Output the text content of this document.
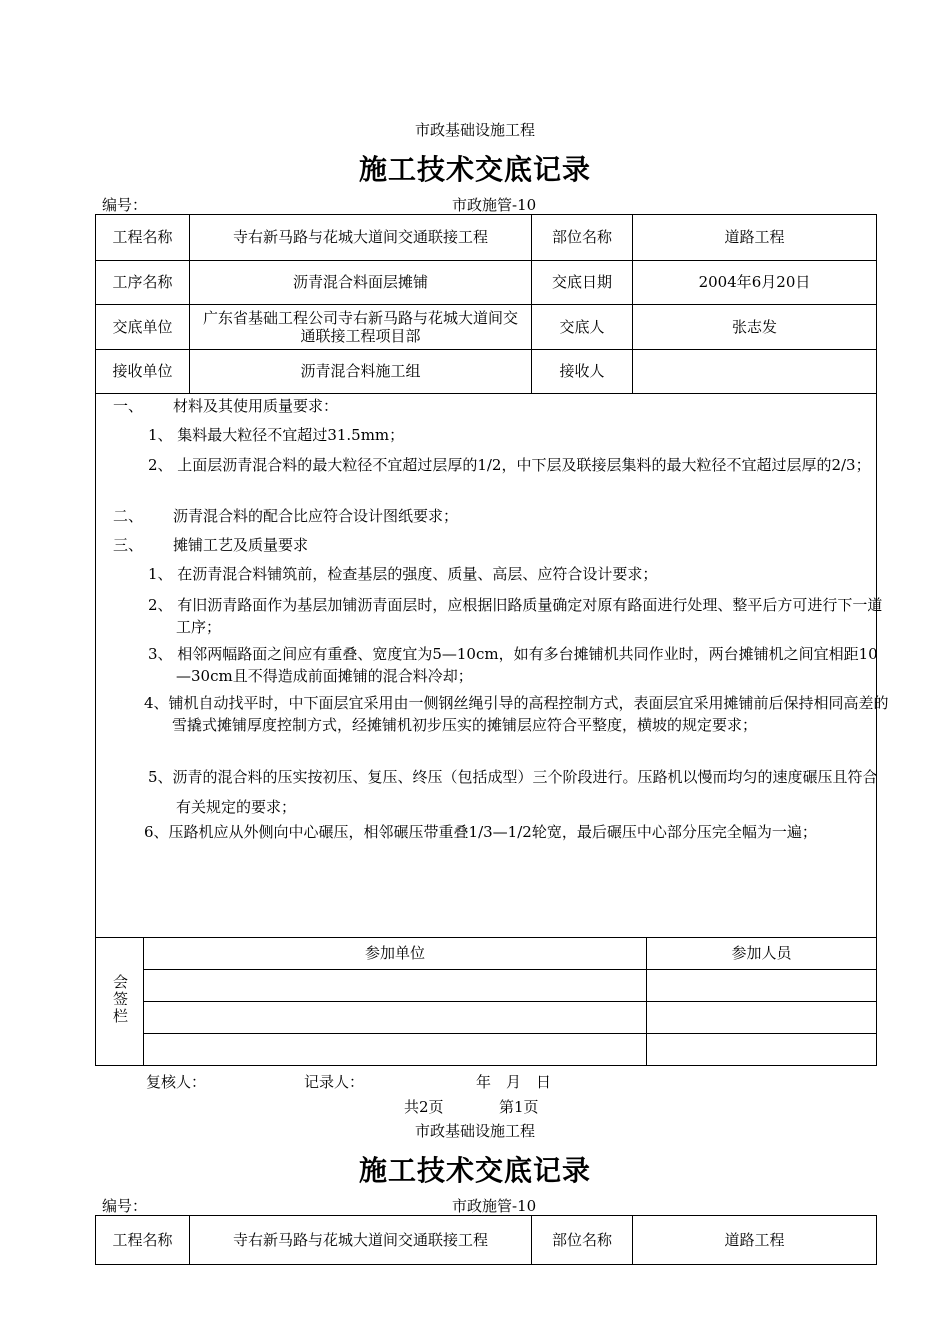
市政基础设施工程
施工技术交底记录
编号：	市政施管-10
工程名称	寺右新马路与花城大道间交通联接工程	部位名称	道路工程
工序名称	沥青混合料面层摊铺	交底日期	2004年6月20日
交底单位	广东省基础工程公司寺右新马路与花城大道间交通联接工程项目部	交底人	张志发
接收单位	沥青混合料施工组	接收人	
一、 材料及其使用质量要求：
1、 集料最大粒径不宜超过31.5mm；
2、 上面层沥青混合料的最大粒径不宜超过层厚的1/2，中下层及联接层集料的最大粒径不宜超过层厚的2/3；
二、 沥青混合料的配合比应符合设计图纸要求；
三、 摊铺工艺及质量要求
1、 在沥青混合料铺筑前，检查基层的强度、质量、高层、应符合设计要求；
2、 有旧沥青路面作为基层加铺沥青面层时，应根据旧路质量确定对原有路面进行处理、整平后方可进行下一道工序；
3、 相邻两幅路面之间应有重叠、宽度宜为5—10cm，如有多台摊铺机共同作业时，两台摊铺机之间宜相距10—30cm且不得造成前面摊铺的混合料冷却；
4、铺机自动找平时，中下面层宜采用由一侧钢丝绳引导的高程控制方式，表面层宜采用摊铺前后保持相同高差的雪撬式摊铺厚度控制方式，经摊铺机初步压实的摊铺层应符合平整度，横坡的规定要求；
5、沥青的混合料的压实按初压、复压、终压（包括成型）三个阶段进行。压路机以慢而均匀的速度碾压且符合有关规定的要求；
6、压路机应从外侧向中心碾压，相邻碾压带重叠1/3—1/2轮宽，最后碾压中心部分压完全幅为一遍；
会签栏	参加单位	参加人员

复核人：	记录人：	年　月　日
共2页	第1页
市政基础设施工程
施工技术交底记录
编号：	市政施管-10
工程名称	寺右新马路与花城大道间交通联接工程	部位名称	道路工程
